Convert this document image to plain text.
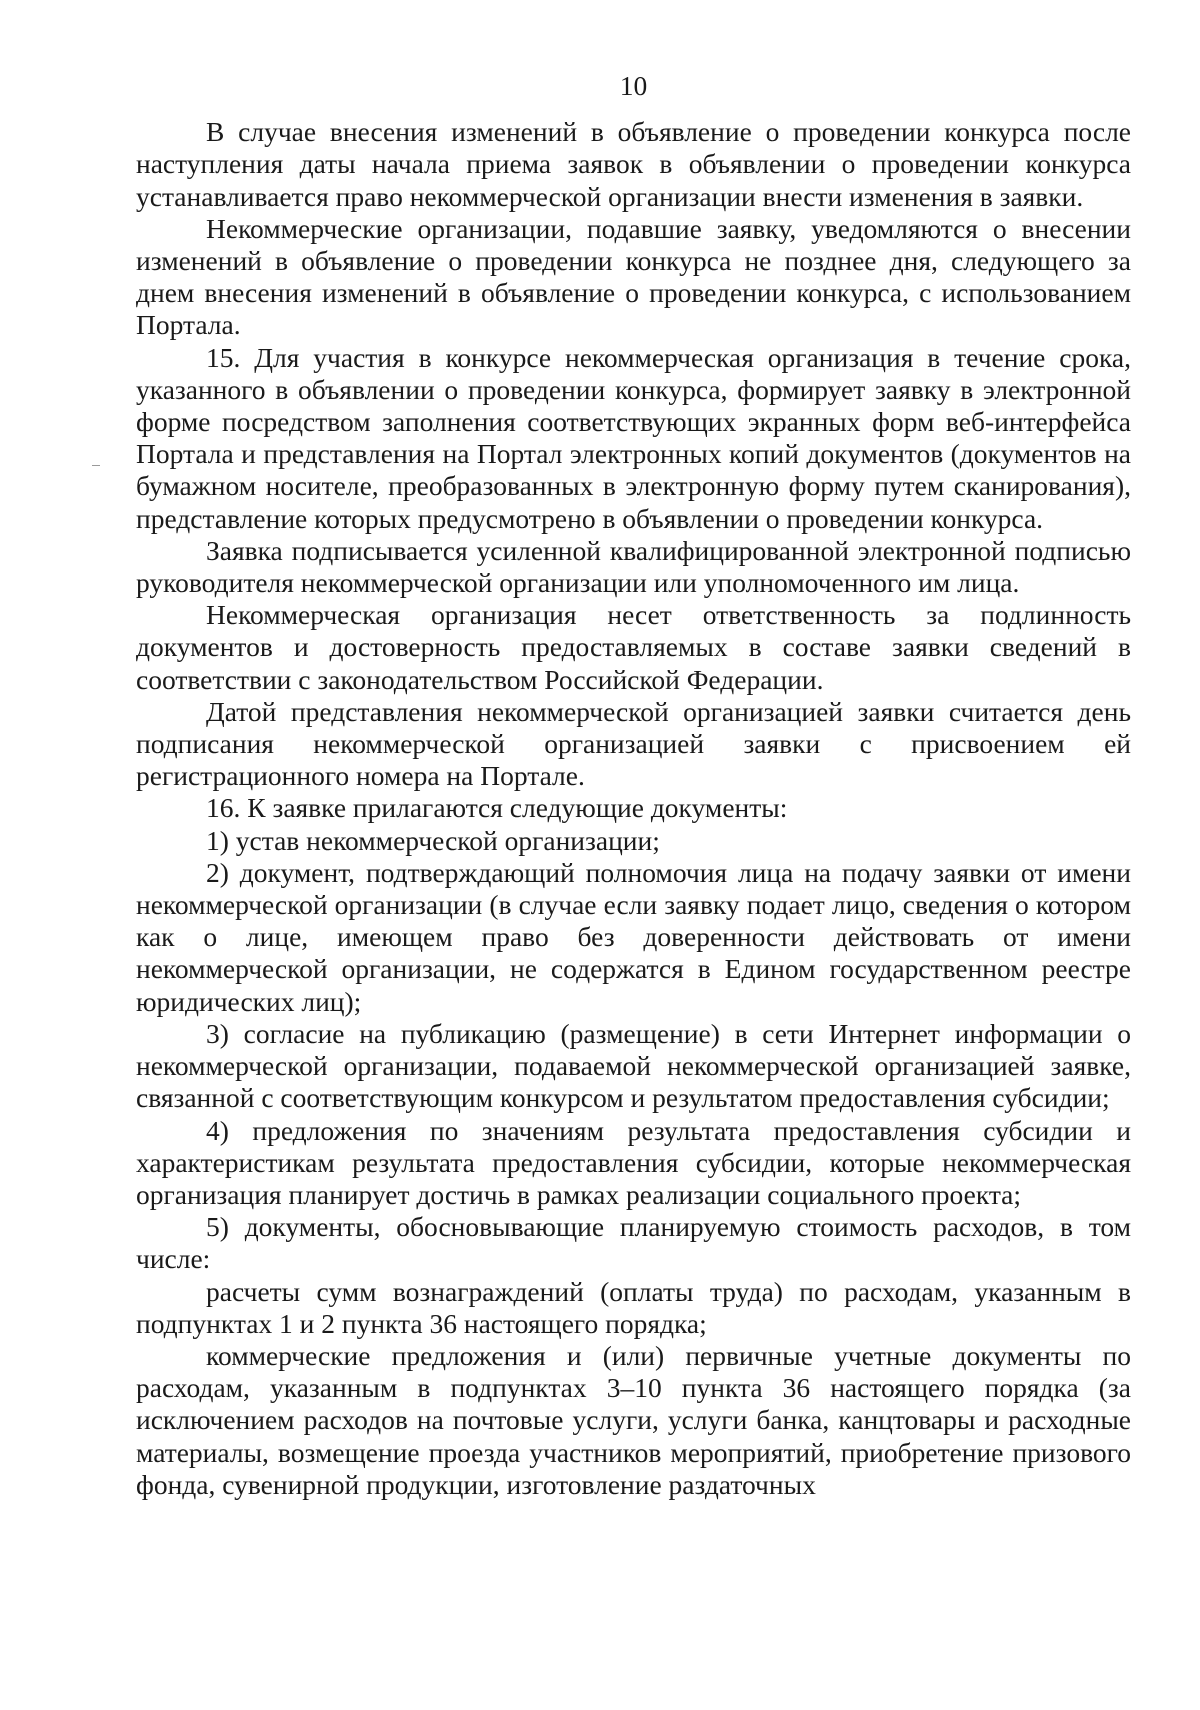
10

В случае внесения изменений в объявление о проведении конкурса после наступления даты начала приема заявок в объявлении о проведении конкурса устанавливается право некоммерческой организации внести изменения в заявки.

Некоммерческие организации, подавшие заявку, уведомляются о внесении изменений в объявление о проведении конкурса не позднее дня, следующего за днем внесения изменений в объявление о проведении конкурса, с использованием Портала.

15. Для участия в конкурсе некоммерческая организация в течение срока, указанного в объявлении о проведении конкурса, формирует заявку в электронной форме посредством заполнения соответствующих экранных форм веб-интерфейса Портала и представления на Портал электронных копий документов (документов на бумажном носителе, преобразованных в электронную форму путем сканирования), представление которых предусмотрено в объявлении о проведении конкурса.

Заявка подписывается усиленной квалифицированной электронной подписью руководителя некоммерческой организации или уполномоченного им лица.

Некоммерческая организация несет ответственность за подлинность документов и достоверность предоставляемых в составе заявки сведений в соответствии с законодательством Российской Федерации.

Датой представления некоммерческой организацией заявки считается день подписания некоммерческой организацией заявки с присвоением ей регистрационного номера на Портале.

16. К заявке прилагаются следующие документы:

1) устав некоммерческой организации;

2) документ, подтверждающий полномочия лица на подачу заявки от имени некоммерческой организации (в случае если заявку подает лицо, сведения о котором как о лице, имеющем право без доверенности действовать от имени некоммерческой организации, не содержатся в Едином государственном реестре юридических лиц);

3) согласие на публикацию (размещение) в сети Интернет информации о некоммерческой организации, подаваемой некоммерческой организацией заявке, связанной с соответствующим конкурсом и результатом предоставления субсидии;

4) предложения по значениям результата предоставления субсидии и характеристикам результата предоставления субсидии, которые некоммерческая организация планирует достичь в рамках реализации социального проекта;

5) документы, обосновывающие планируемую стоимость расходов, в том числе:

расчеты сумм вознаграждений (оплаты труда) по расходам, указанным в подпунктах 1 и 2 пункта 36 настоящего порядка;

коммерческие предложения и (или) первичные учетные документы по расходам, указанным в подпунктах 3–10 пункта 36 настоящего порядка (за исключением расходов на почтовые услуги, услуги банка, канцтовары и расходные материалы, возмещение проезда участников мероприятий, приобретение призового фонда, сувенирной продукции, изготовление раздаточных
